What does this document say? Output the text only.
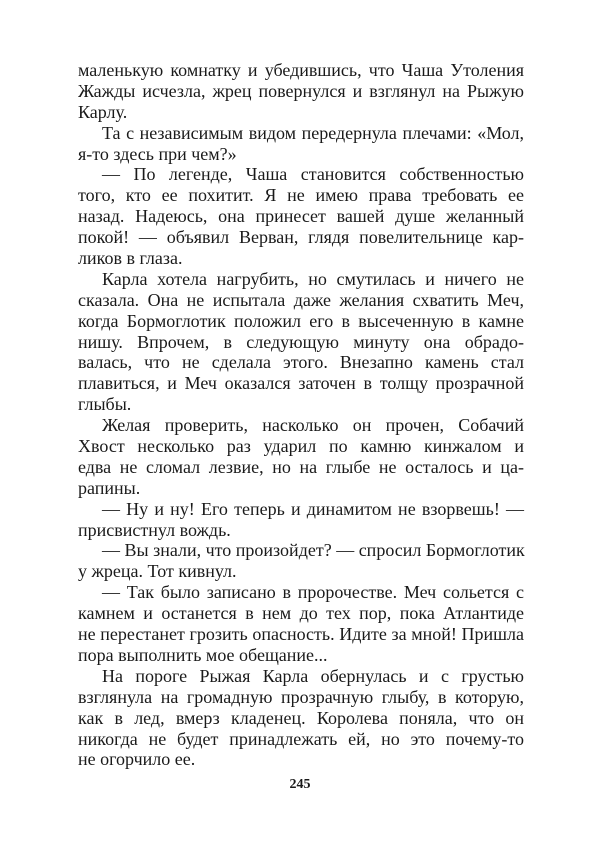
маленькую комнатку и убедившись, что Чаша Утоления
Жажды исчезла, жрец повернулся и взглянул на Рыжую
Карлу.
Та с независимым видом передернула плечами: «Мол,
я-то здесь при чем?»
— По легенде, Чаша становится собственностью
того, кто ее похитит. Я не имею права требовать ее
назад. Надеюсь, она принесет вашей душе желанный
покой! — объявил Верван, глядя повелительнице кар-
ликов в глаза.
Карла хотела нагрубить, но смутилась и ничего не
сказала. Она не испытала даже желания схватить Меч,
когда Бормоглотик положил его в высеченную в камне
нишу. Впрочем, в следующую минуту она обрадо-
валась, что не сделала этого. Внезапно камень стал
плавиться, и Меч оказался заточен в толщу прозрачной
глыбы.
Желая проверить, насколько он прочен, Собачий
Хвост несколько раз ударил по камню кинжалом и
едва не сломал лезвие, но на глыбе не осталось и ца-
рапины.
— Ну и ну! Его теперь и динамитом не взорвешь! —
присвистнул вождь.
— Вы знали, что произойдет? — спросил Бормоглотик
у жреца. Тот кивнул.
— Так было записано в пророчестве. Меч сольется с
камнем и останется в нем до тех пор, пока Атлантиде
не перестанет грозить опасность. Идите за мной! Пришла
пора выполнить мое обещание...
На пороге Рыжая Карла обернулась и с грустью
взглянула на громадную прозрачную глыбу, в которую,
как в лед, вмерз кладенец. Королева поняла, что он
никогда не будет принадлежать ей, но это почему-то
не огорчило ее.
245
